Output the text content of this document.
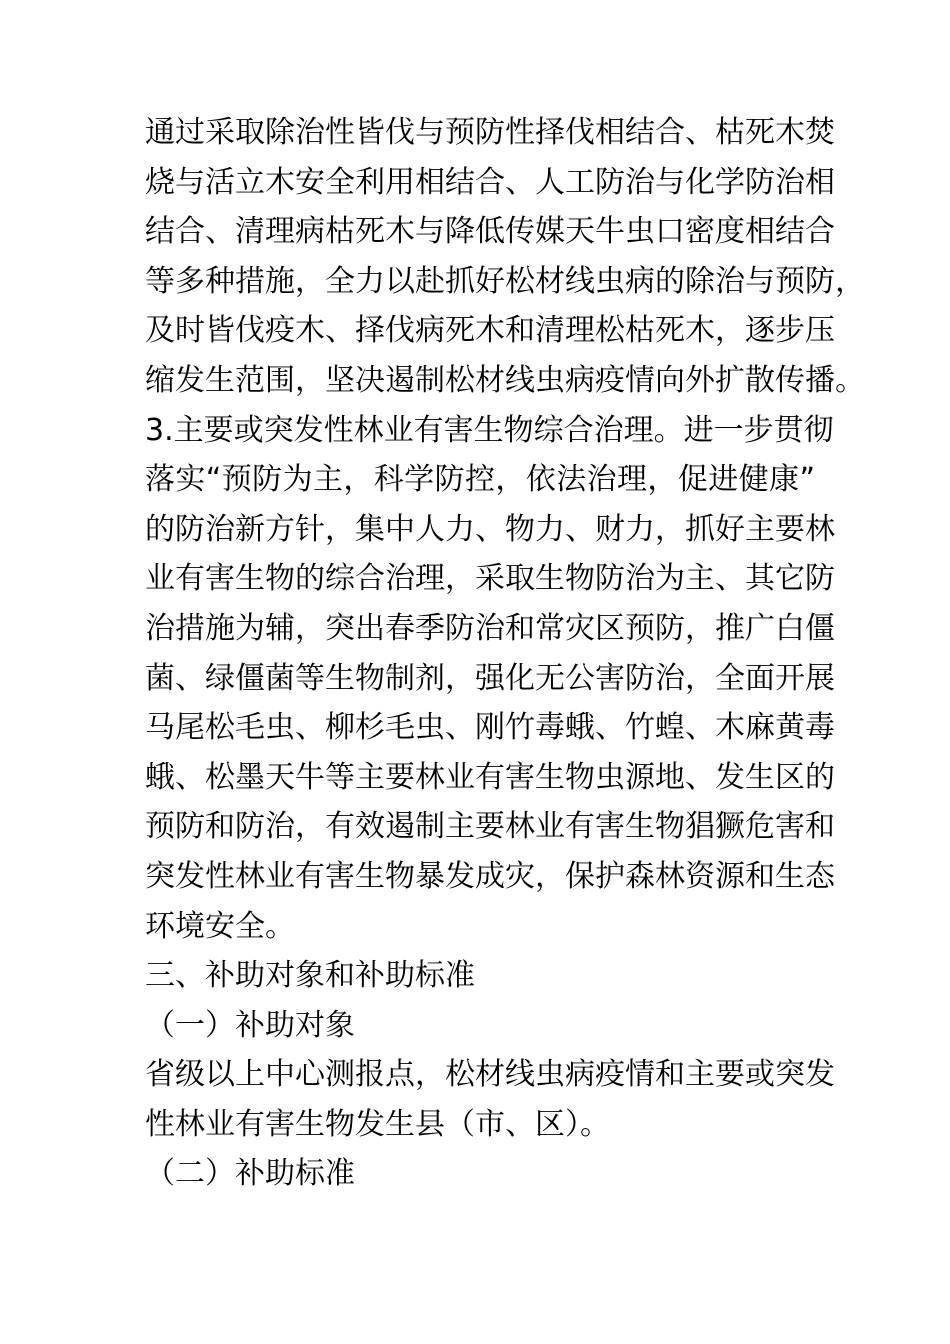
通过采取除治性皆伐与预防性择伐相结合、枯死木焚
烧与活立木安全利用相结合、人工防治与化学防治相
结合、清理病枯死木与降低传媒天牛虫口密度相结合
等多种措施，全力以赴抓好松材线虫病的除治与预防，
及时皆伐疫木、择伐病死木和清理松枯死木，逐步压
缩发生范围，坚决遏制松材线虫病疫情向外扩散传播。
3.主要或突发性林业有害生物综合治理。进一步贯彻
落实“预防为主，科学防控，依法治理，促进健康”
的防治新方针，集中人力、物力、财力，抓好主要林
业有害生物的综合治理，采取生物防治为主、其它防
治措施为辅，突出春季防治和常灾区预防，推广白僵
菌、绿僵菌等生物制剂，强化无公害防治，全面开展
马尾松毛虫、柳杉毛虫、刚竹毒蛾、竹蝗、木麻黄毒
蛾、松墨天牛等主要林业有害生物虫源地、发生区的
预防和防治，有效遏制主要林业有害生物猖獗危害和
突发性林业有害生物暴发成灾，保护森林资源和生态
环境安全。
三、补助对象和补助标准
（一）补助对象
省级以上中心测报点，松材线虫病疫情和主要或突发
性林业有害生物发生县（市、区）。
（二）补助标准
